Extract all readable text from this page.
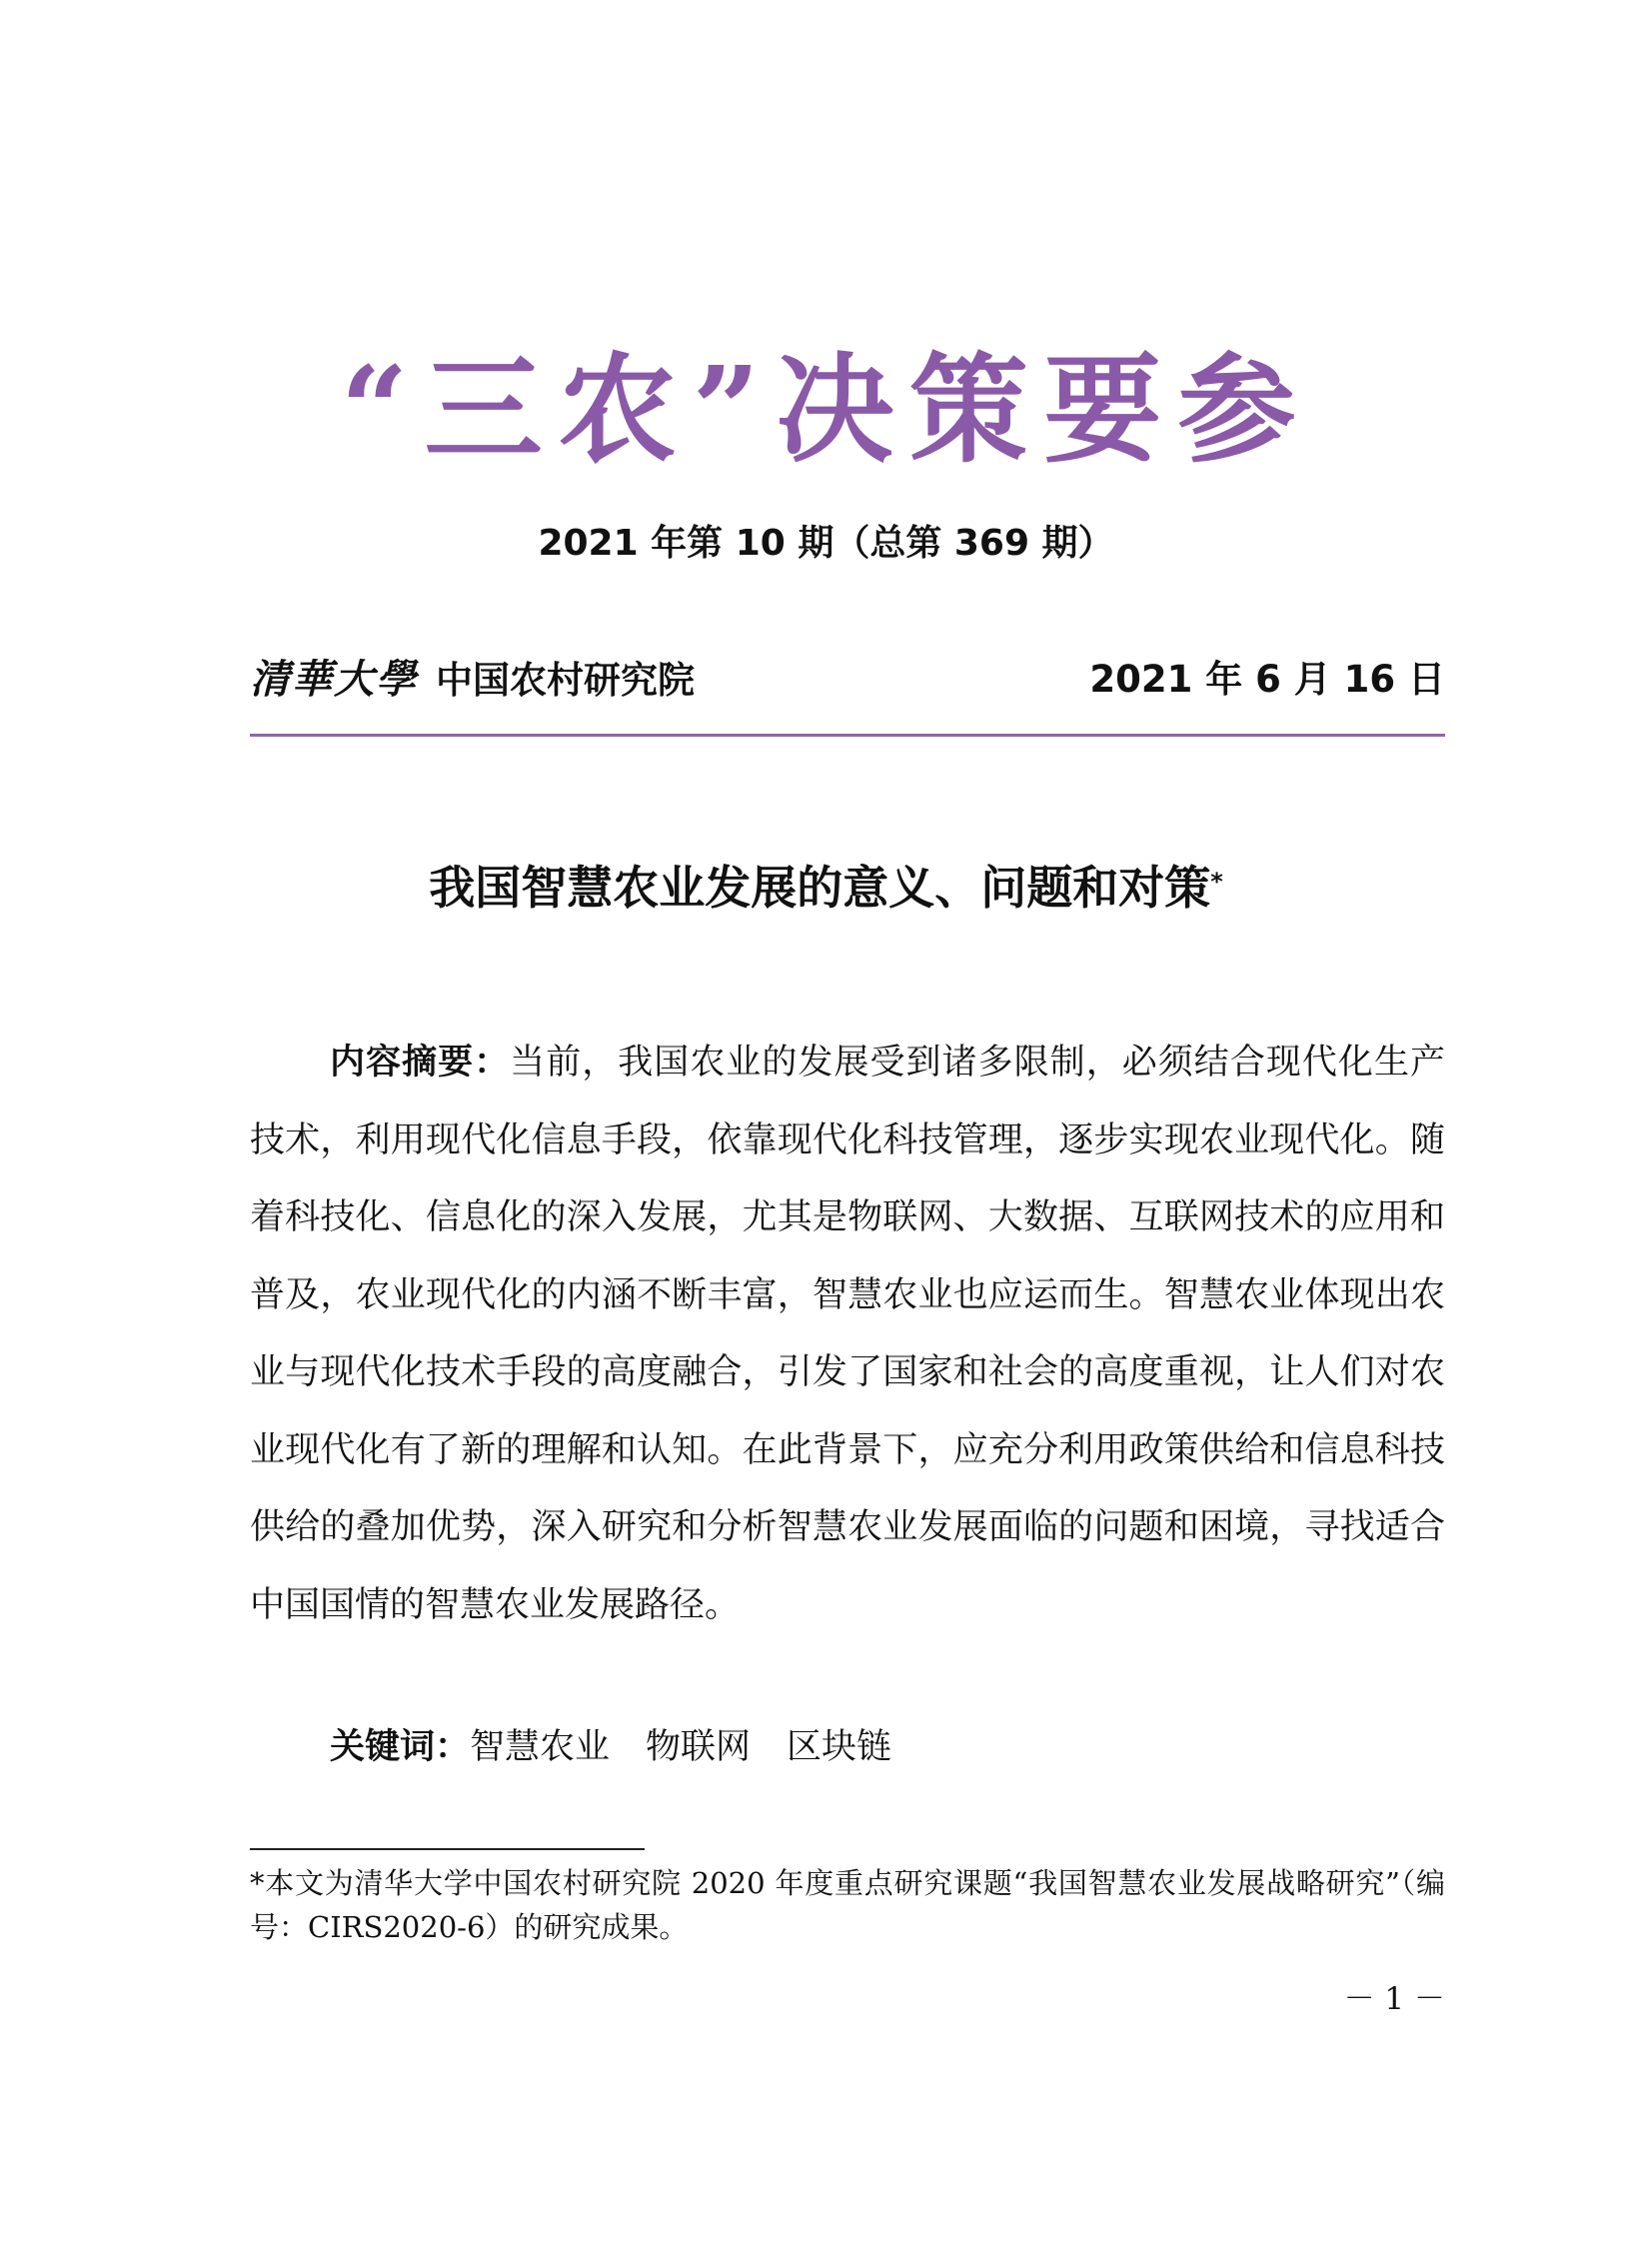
“三农”决策要参
2021 年第 10 期（总第 369 期）
清華大學 中国农村研究院	2021 年 6 月 16 日
我国智慧农业发展的意义、问题和对策*

内容摘要：当前，我国农业的发展受到诸多限制，必须结合现代化生产技术，利用现代化信息手段，依靠现代化科技管理，逐步实现农业现代化。随着科技化、信息化的深入发展，尤其是物联网、大数据、互联网技术的应用和普及，农业现代化的内涵不断丰富，智慧农业也应运而生。智慧农业体现出农业与现代化技术手段的高度融合，引发了国家和社会的高度重视，让人们对农业现代化有了新的理解和认知。在此背景下，应充分利用政策供给和信息科技供给的叠加优势，深入研究和分析智慧农业发展面临的问题和困境，寻找适合中国国情的智慧农业发展路径。

关键词：智慧农业 物联网 区块链

*本文为清华大学中国农村研究院 2020 年度重点研究课题“我国智慧农业发展战略研究”（编号：CIRS2020-6）的研究成果。

－ 1 －
